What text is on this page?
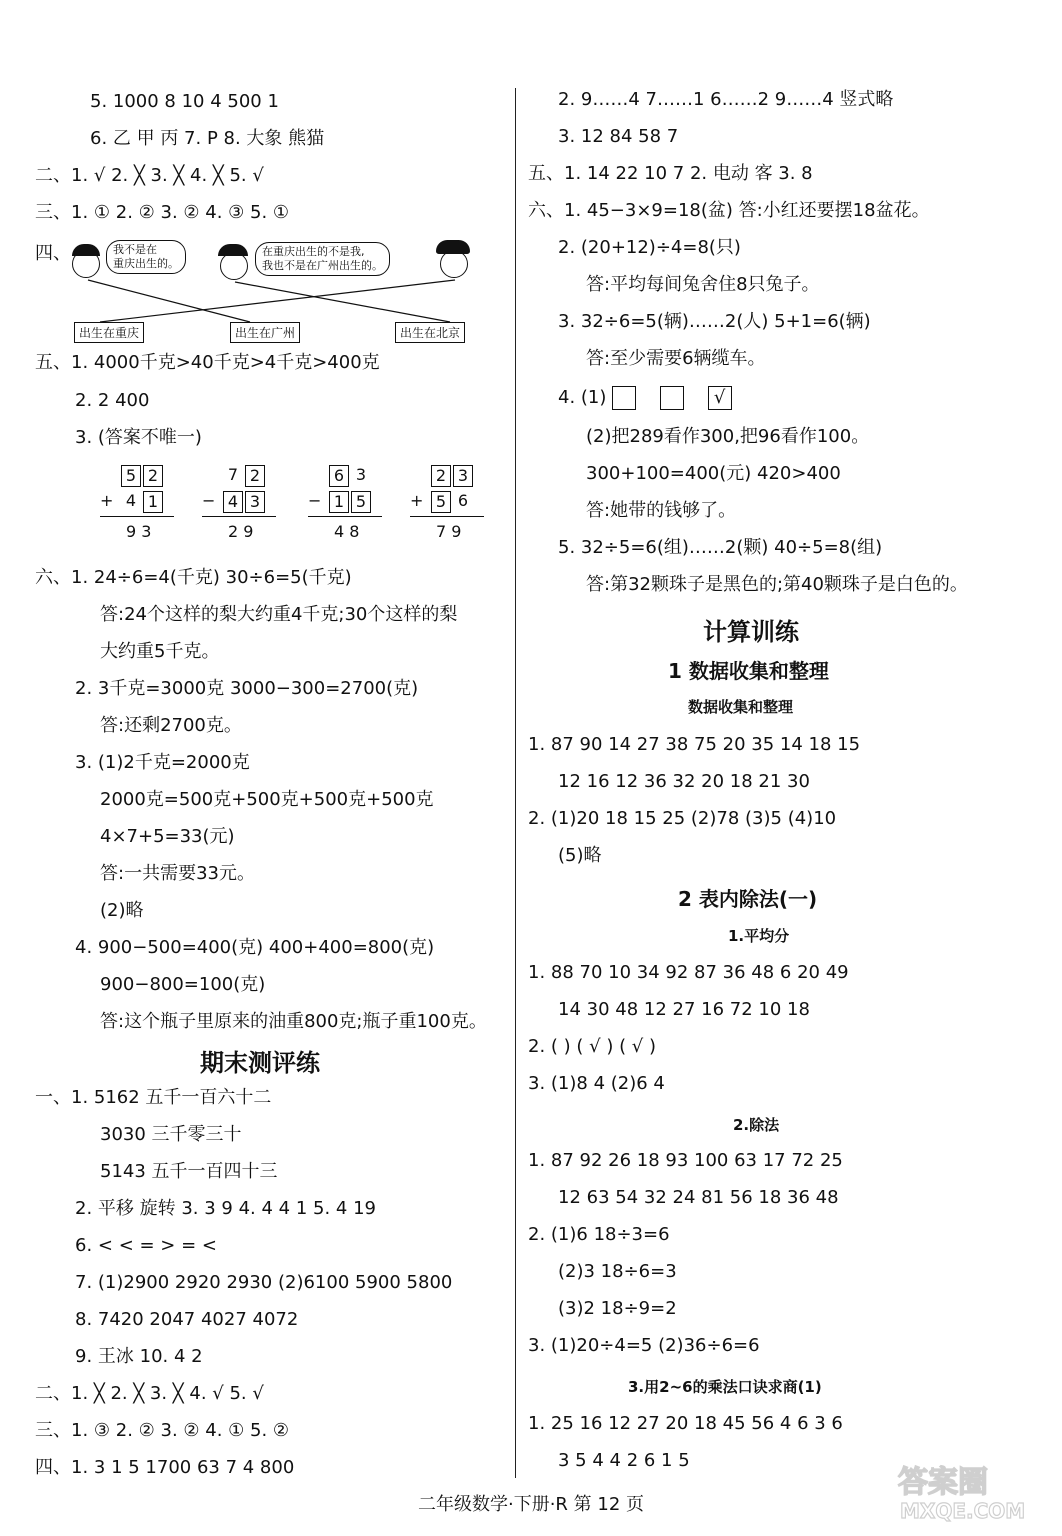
5. 1000 8 10 4 500 1
6. 乙 甲 丙 7. P 8. 大象 熊猫
二、1. √ 2. ╳ 3. ╳ 4. ╳ 5. √
三、1. ① 2. ② 3. ② 4. ③ 5. ①
四、	我不是在
重庆出生的。
在重庆出生的不是我,
我也不是在广州出生的。
出生在重庆	出生在广州	出生在北京
五、1. 4000千克>40千克>4千克>400克
2. 2 400
3. (答案不唯一)
5 2
+ 4 1
9 3
7 2
− 4 3
2 9
6 3
− 1 5
4 8
2 3
+ 5 6
7 9
六、1. 24÷6=4(千克) 30÷6=5(千克)
答:24个这样的梨大约重4千克;30个这样的梨
大约重5千克。
2. 3千克=3000克 3000−300=2700(克)
答:还剩2700克。
3. (1)2千克=2000克
2000克=500克+500克+500克+500克
4×7+5=33(元)
答:一共需要33元。
(2)略
4. 900−500=400(克) 400+400=800(克)
900−800=100(克)
答:这个瓶子里原来的油重800克;瓶子重100克。
期末测评练
一、1. 5162 五千一百六十二
3030 三千零三十
5143 五千一百四十三
2. 平移 旋转 3. 3 9 4. 4 4 1 5. 4 19
6. < < = > = <
7. (1)2900 2920 2930 (2)6100 5900 5800
8. 7420 2047 4027 4072
9. 王冰 10. 4 2
二、1. ╳ 2. ╳ 3. ╳ 4. √ 5. √
三、1. ③ 2. ② 3. ② 4. ① 5. ②
四、1. 3 1 5 1700 63 7 4 800
2. 9……4 7……1 6……2 9……4 竖式略
3. 12 84 58 7
五、1. 14 22 10 7 2. 电动 客 3. 8
六、1. 45−3×9=18(盆) 答:小红还要摆18盆花。
2. (20+12)÷4=8(只)
答:平均每间兔舍住8只兔子。
3. 32÷6=5(辆)……2(人) 5+1=6(辆)
答:至少需要6辆缆车。
4. (1)	√
(2)把289看作300,把96看作100。
300+100=400(元) 420>400
答:她带的钱够了。
5. 32÷5=6(组)……2(颗) 40÷5=8(组)
答:第32颗珠子是黑色的;第40颗珠子是白色的。
计算训练
1 数据收集和整理
数据收集和整理
1. 87 90 14 27 38 75 20 35 14 18 15
12 16 12 36 32 20 18 21 30
2. (1)20 18 15 25 (2)78 (3)5 (4)10
(5)略
2 表内除法(一)
1.平均分
1. 88 70 10 34 92 87 36 48 6 20 49
14 30 48 12 27 16 72 10 18
2. ( ) ( √ ) ( √ )
3. (1)8 4 (2)6 4
2.除法
1. 87 92 26 18 93 100 63 17 72 25
12 63 54 32 24 81 56 18 36 48
2. (1)6 18÷3=6
(2)3 18÷6=3
(3)2 18÷9=2
3. (1)20÷4=5 (2)36÷6=6
3.用2~6的乘法口诀求商(1)
1. 25 16 12 27 20 18 45 56 4 6 3 6
3 5 4 4 2 6 1 5
二年级数学·下册·R 第 12 页
答案圈
MXQE.COM
